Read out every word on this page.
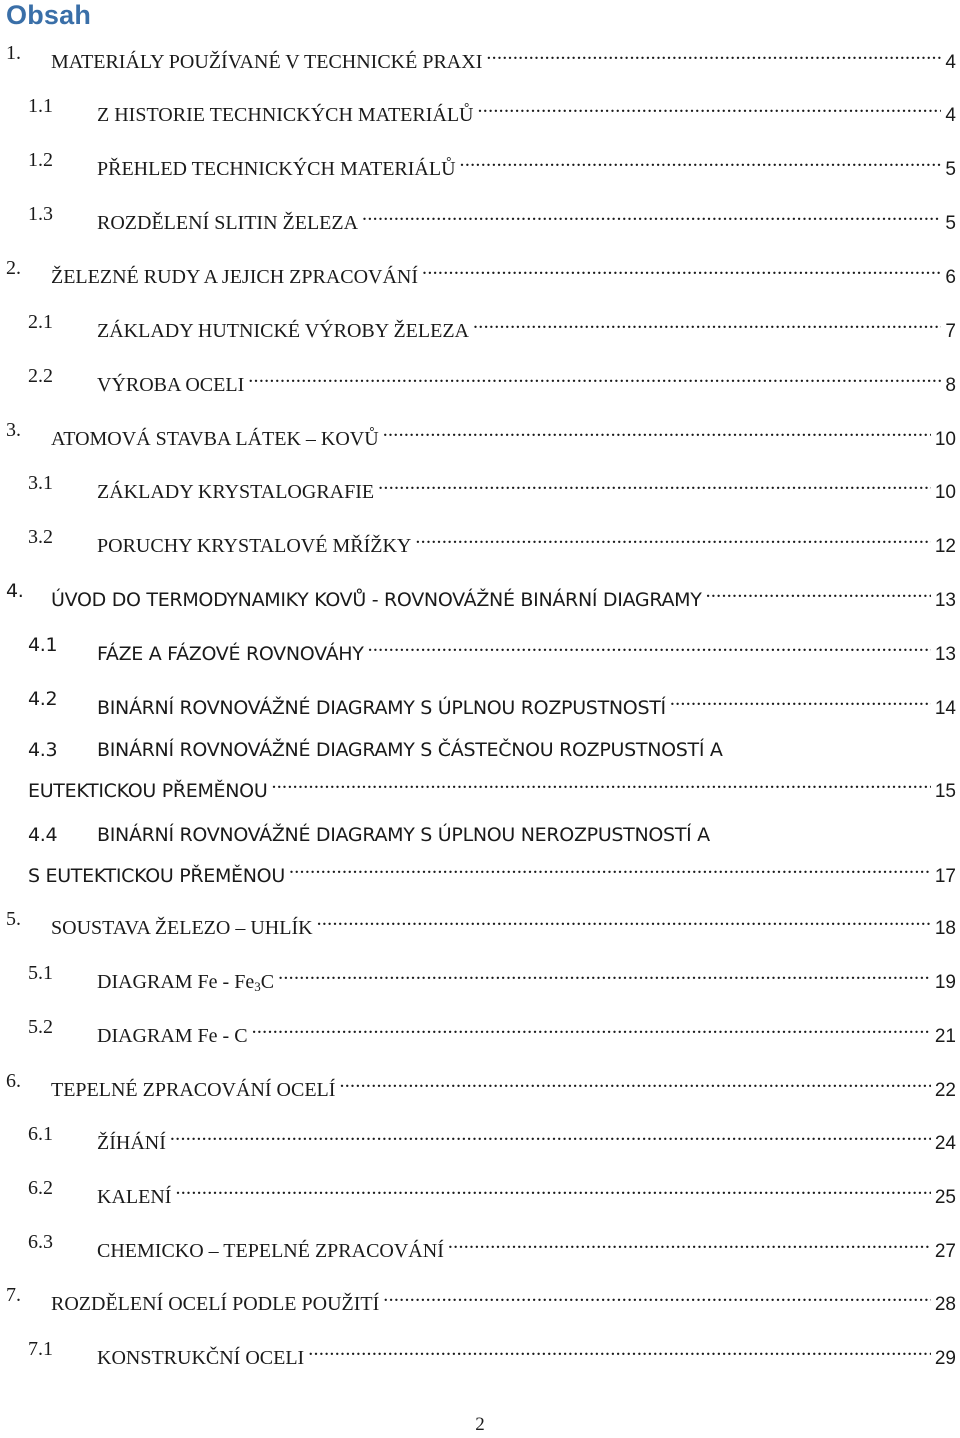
Obsah
1. MATERIÁLY POUŽÍVANÉ V TECHNICKÉ PRAXI .....	4
1.1 Z HISTORIE TECHNICKÝCH MATERIÁLŮ .....	4
1.2 PŘEHLED TECHNICKÝCH MATERIÁLŮ .....	5
1.3 ROZDĚLENÍ SLITIN ŽELEZA .....	5
2. ŽELEZNÉ RUDY A JEJICH ZPRACOVÁNÍ .....	6
2.1 ZÁKLADY HUTNICKÉ VÝROBY ŽELEZA .....	7
2.2 VÝROBA OCELI .....	8
3. ATOMOVÁ STAVBA LÁTEK – KOVŮ .....	10
3.1 ZÁKLADY KRYSTALOGRAFIE .....	10
3.2 PORUCHY KRYSTALOVÉ MŘÍŽKY .....	12
4. ÚVOD DO TERMODYNAMIKY KOVŮ - ROVNOVÁŽNÉ BINÁRNÍ DIAGRAMY .....	13
4.1 FÁZE A FÁZOVÉ ROVNOVÁHY .....	13
4.2 BINÁRNÍ ROVNOVÁŽNÉ DIAGRAMY S ÚPLNOU ROZPUSTNOSTÍ .....	14
4.3 BINÁRNÍ ROVNOVÁŽNÉ DIAGRAMY S ČÁSTEČNOU ROZPUSTNOSTÍ A
EUTEKTICKOU PŘEMĚNOU .....	15
4.4 BINÁRNÍ ROVNOVÁŽNÉ DIAGRAMY S ÚPLNOU NEROZPUSTNOSTÍ A
S EUTEKTICKOU PŘEMĚNOU .....	17
5. SOUSTAVA ŽELEZO – UHLÍK .....	18
5.1 DIAGRAM Fe - $Fe_3C$ .....	19
5.2 DIAGRAM Fe - C .....	21
6. TEPELNÉ ZPRACOVÁNÍ OCELÍ .....	22
6.1 ŽÍHÁNÍ .....	24
6.2 KALENÍ .....	25
6.3 CHEMICKO – TEPELNÉ ZPRACOVÁNÍ .....	27
7. ROZDĚLENÍ OCELÍ PODLE POUŽITÍ .....	28
7.1 KONSTRUKČNÍ OCELI .....	29
2
